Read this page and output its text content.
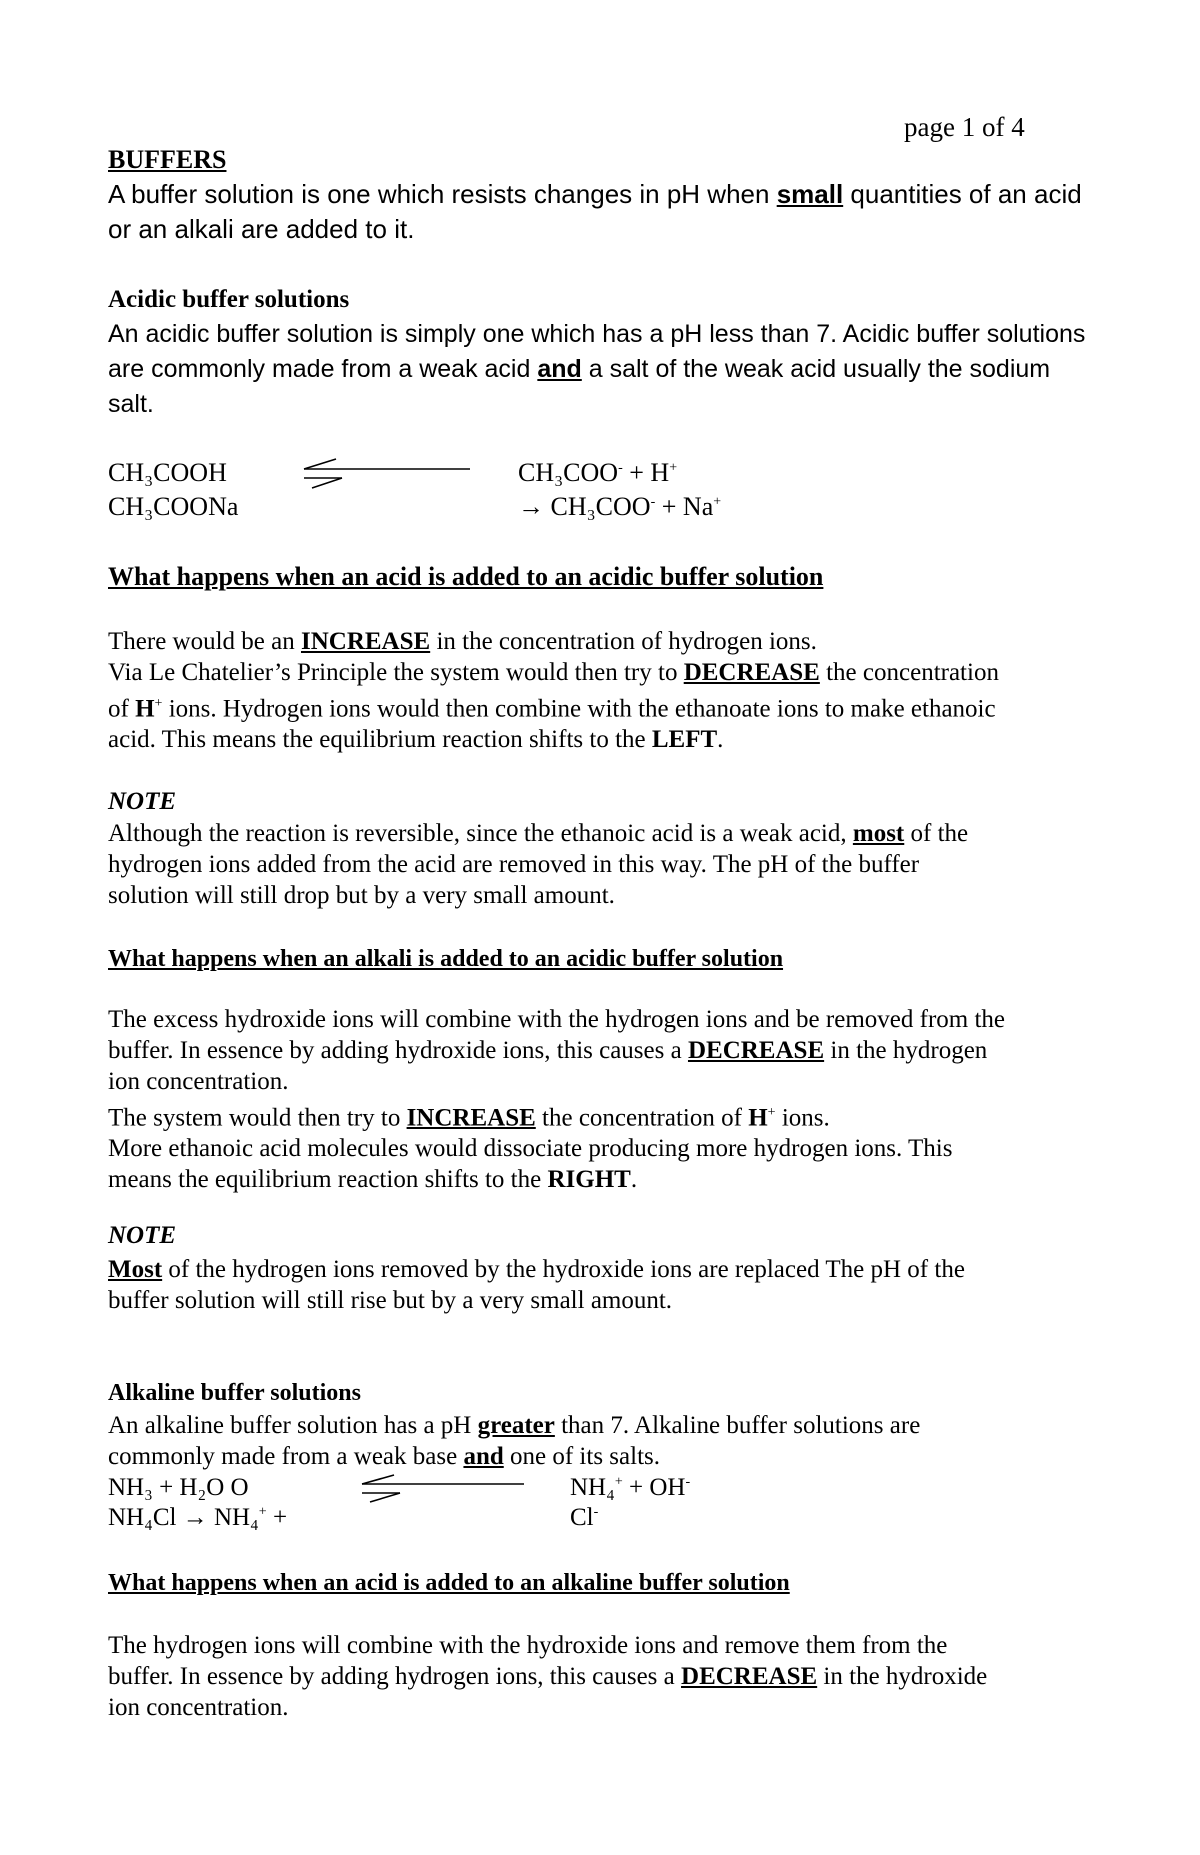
page 1 of 4
BUFFERS

A buffer solution is one which resists changes in pH when small quantities of an acid or an alkali are added to it.

Acidic buffer solutions

An acidic buffer solution is simply one which has a pH less than 7. Acidic buffer solutions are commonly made from a weak acid and a salt of the weak acid usually the sodium salt.

CH₃COOH	CH₃COO- + H+
CH₃COONa	→ CH₃COO- + Na+
What happens when an acid is added to an acidic buffer solution

There would be an INCREASE in the concentration of hydrogen ions.

Via Le Chatelier’s Principle the system would then try to DECREASE the concentration

of H+ ions. Hydrogen ions would then combine with the ethanoate ions to make ethanoic

acid. This means the equilibrium reaction shifts to the LEFT.

NOTE

Although the reaction is reversible, since the ethanoic acid is a weak acid, most of the

hydrogen ions added from the acid are removed in this way. The pH of the buffer

solution will still drop but by a very small amount.

What happens when an alkali is added to an acidic buffer solution

The excess hydroxide ions will combine with the hydrogen ions and be removed from the

buffer. In essence by adding hydroxide ions, this causes a DECREASE in the hydrogen

ion concentration.

The system would then try to INCREASE the concentration of H+ ions.

More ethanoic acid molecules would dissociate producing more hydrogen ions. This

means the equilibrium reaction shifts to the RIGHT.

NOTE

Most of the hydrogen ions removed by the hydroxide ions are replaced The pH of the

buffer solution will still rise but by a very small amount.

Alkaline buffer solutions

An alkaline buffer solution has a pH greater than 7. Alkaline buffer solutions are

commonly made from a weak base and one of its salts.

NH₃ + H₂O O	NH₄+ + OH-
NH₄Cl → NH₄+ +	Cl-
What happens when an acid is added to an alkaline buffer solution

The hydrogen ions will combine with the hydroxide ions and remove them from the

buffer. In essence by adding hydrogen ions, this causes a DECREASE in the hydroxide

ion concentration.
